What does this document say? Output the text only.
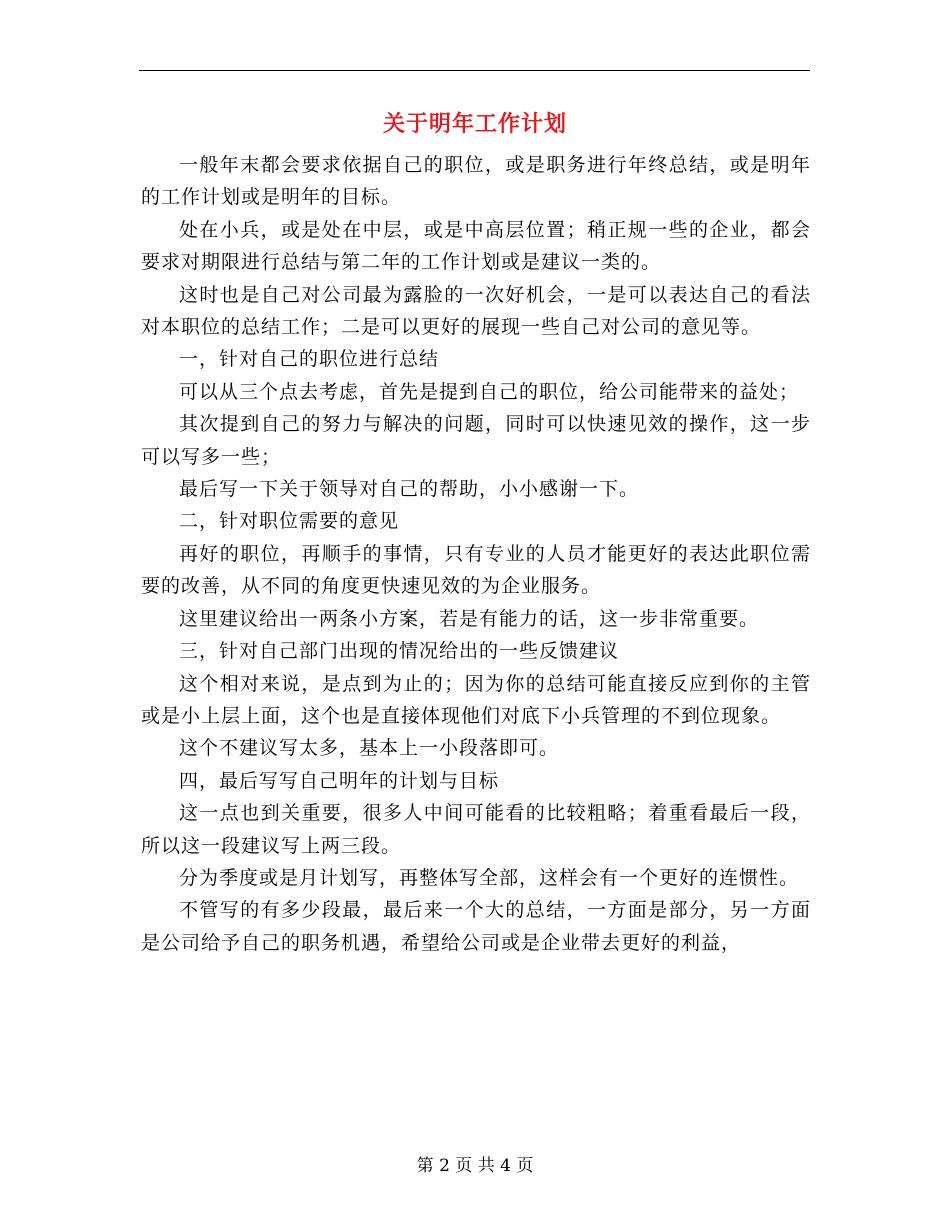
关于明年工作计划

一般年末都会要求依据自己的职位，或是职务进行年终总结，或是明年的工作计划或是明年的目标。

处在小兵，或是处在中层，或是中高层位置；稍正规一些的企业，都会要求对期限进行总结与第二年的工作计划或是建议一类的。

这时也是自己对公司最为露脸的一次好机会，一是可以表达自己的看法对本职位的总结工作；二是可以更好的展现一些自己对公司的意见等。

一，针对自己的职位进行总结

可以从三个点去考虑，首先是提到自己的职位，给公司能带来的益处；

其次提到自己的努力与解决的问题，同时可以快速见效的操作，这一步可以写多一些；

最后写一下关于领导对自己的帮助，小小感谢一下。

二，针对职位需要的意见

再好的职位，再顺手的事情，只有专业的人员才能更好的表达此职位需要的改善，从不同的角度更快速见效的为企业服务。

这里建议给出一两条小方案，若是有能力的话，这一步非常重要。

三，针对自己部门出现的情况给出的一些反馈建议

这个相对来说，是点到为止的；因为你的总结可能直接反应到你的主管或是小上层上面，这个也是直接体现他们对底下小兵管理的不到位现象。

这个不建议写太多，基本上一小段落即可。

四，最后写写自己明年的计划与目标

这一点也到关重要，很多人中间可能看的比较粗略；着重看最后一段，所以这一段建议写上两三段。

分为季度或是月计划写，再整体写全部，这样会有一个更好的连惯性。

不管写的有多少段最，最后来一个大的总结，一方面是部分，另一方面是公司给予自己的职务机遇，希望给公司或是企业带去更好的利益，

第 2 页 共 4 页
